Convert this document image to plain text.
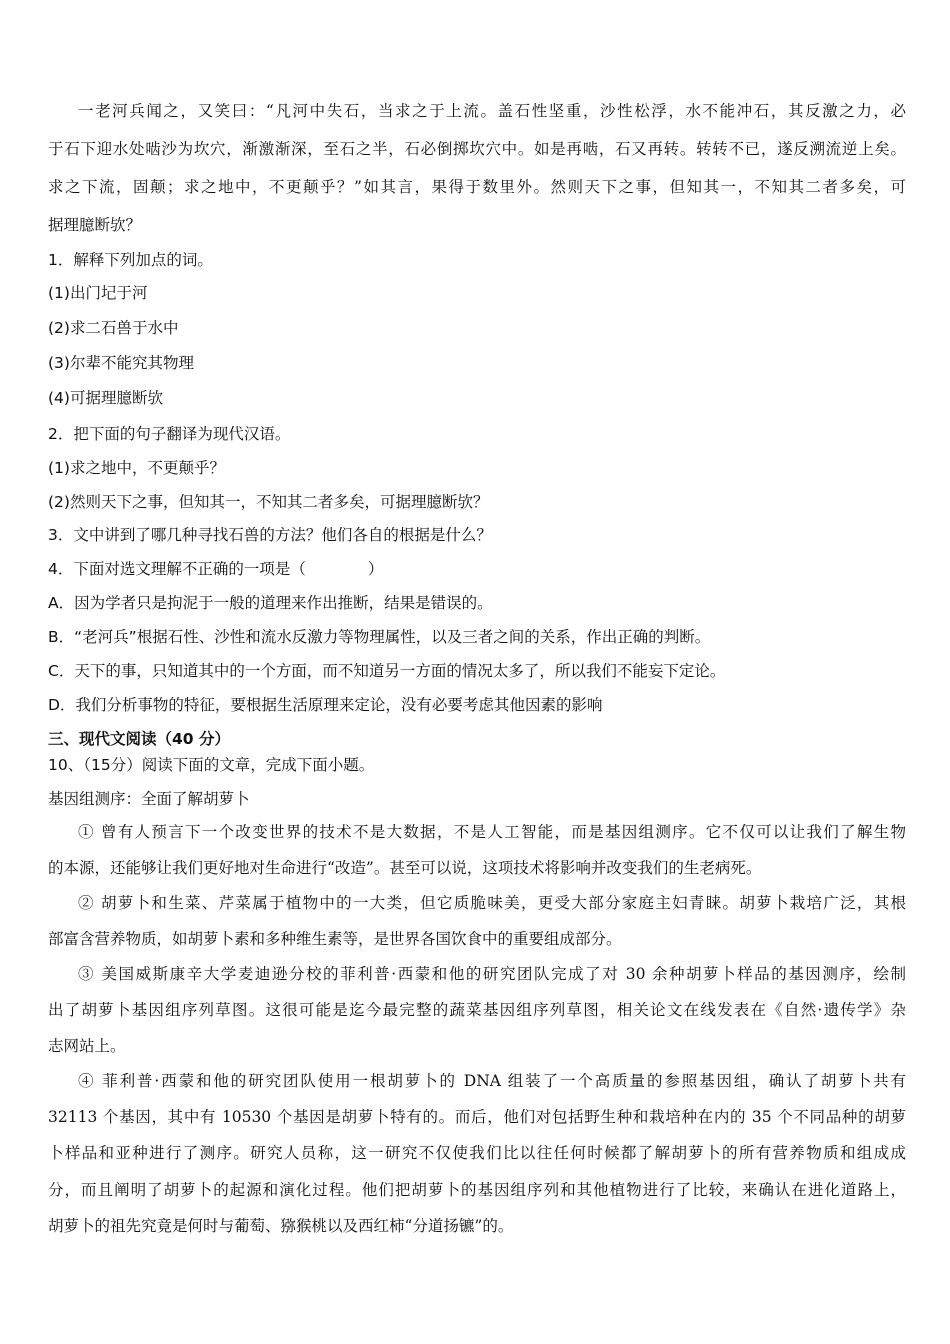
一老河兵闻之，又笑曰：“凡河中失石，当求之于上流。盖石性坚重，沙性松浮，水不能冲石，其反激之力，必
于石下迎水处啮沙为坎穴，渐激渐深，至石之半，石必倒掷坎穴中。如是再啮，石又再转。转转不已，遂反溯流逆上矣。
求之下流，固颠；求之地中，不更颠乎？”如其言，果得于数里外。然则天下之事，但知其一，不知其二者多矣，可
据理臆断欤？
1．解释下列加点的词。
(1)出门圮于河
(2)求二石兽于水中
(3)尔辈不能究其物理
(4)可据理臆断欤
2．把下面的句子翻译为现代汉语。
(1)求之地中，不更颠乎？
(2)然则天下之事，但知其一，不知其二者多矣，可据理臆断欤？
3．文中讲到了哪几种寻找石兽的方法？他们各自的根据是什么？
4．下面对选文理解不正确的一项是（　　　　）
A．因为学者只是拘泥于一般的道理来作出推断，结果是错误的。
B．“老河兵”根据石性、沙性和流水反激力等物理属性，以及三者之间的关系，作出正确的判断。
C．天下的事，只知道其中的一个方面，而不知道另一方面的情况太多了，所以我们不能妄下定论。
D．我们分析事物的特征，要根据生活原理来定论，没有必要考虑其他因素的影响
三、现代文阅读（40 分）
10、（15分）阅读下面的文章，完成下面小题。
基因组测序：全面了解胡萝卜
① 曾有人预言下一个改变世界的技术不是大数据，不是人工智能，而是基因组测序。它不仅可以让我们了解生物
的本源，还能够让我们更好地对生命进行“改造”。甚至可以说，这项技术将影响并改变我们的生老病死。
② 胡萝卜和生菜、芹菜属于植物中的一大类，但它质脆味美，更受大部分家庭主妇青睐。胡萝卜栽培广泛，其根
部富含营养物质，如胡萝卜素和多种维生素等，是世界各国饮食中的重要组成部分。
③ 美国威斯康辛大学麦迪逊分校的菲利普·西蒙和他的研究团队完成了对 30 余种胡萝卜样品的基因测序，绘制
出了胡萝卜基因组序列草图。这很可能是迄今最完整的蔬菜基因组序列草图，相关论文在线发表在《自然·遗传学》杂
志网站上。
④ 菲利普·西蒙和他的研究团队使用一根胡萝卜的 DNA 组装了一个高质量的参照基因组，确认了胡萝卜共有
32113 个基因，其中有 10530 个基因是胡萝卜特有的。而后，他们对包括野生种和栽培种在内的 35 个不同品种的胡萝
卜样品和亚种进行了测序。研究人员称，这一研究不仅使我们比以往任何时候都了解胡萝卜的所有营养物质和组成成
分，而且阐明了胡萝卜的起源和演化过程。他们把胡萝卜的基因组序列和其他植物进行了比较，来确认在进化道路上，
胡萝卜的祖先究竟是何时与葡萄、猕猴桃以及西红柿“分道扬镳”的。
